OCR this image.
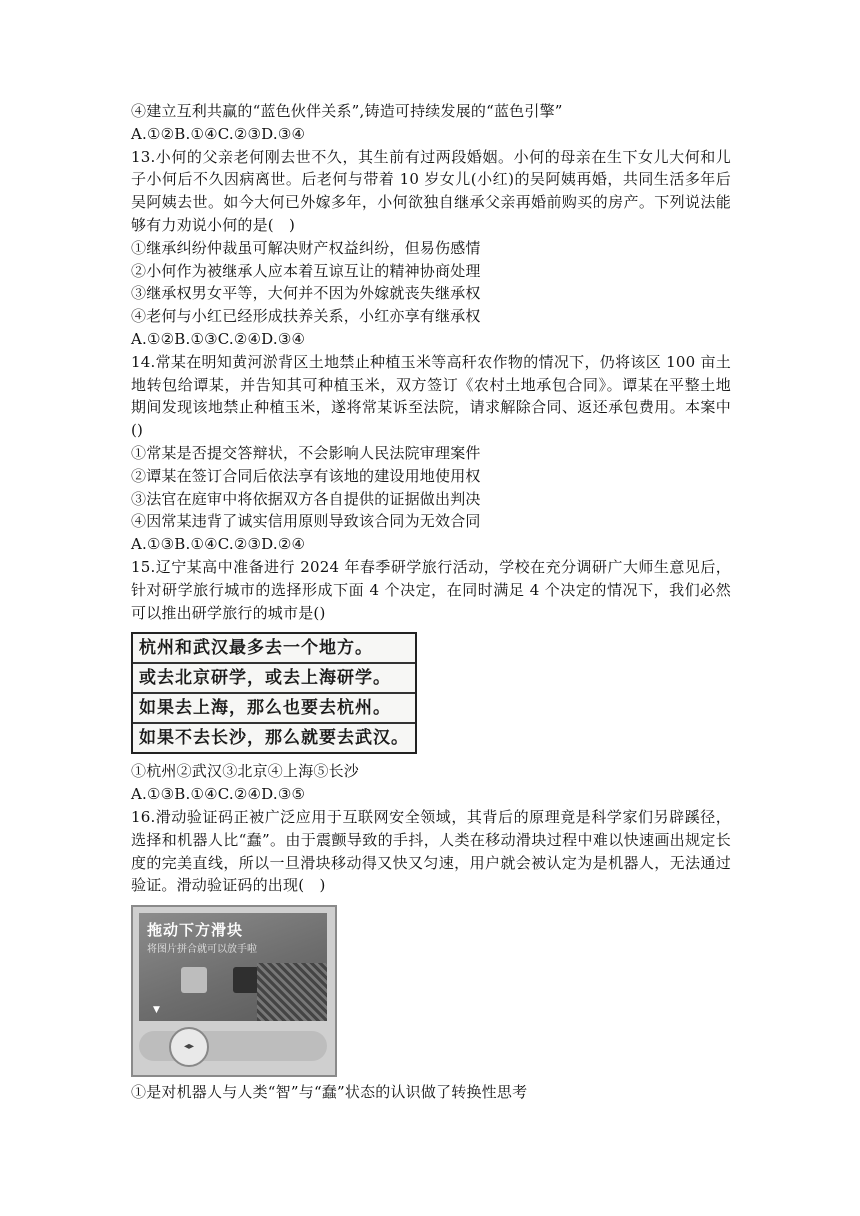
④建立互利共赢的“蓝色伙伴关系”,铸造可持续发展的“蓝色引擎”
A.①②B.①④C.②③D.③④
13.小何的父亲老何刚去世不久，其生前有过两段婚姻。小何的母亲在生下女儿大何和儿子小何后不久因病离世。后老何与带着 10 岁女儿(小红)的吴阿姨再婚，共同生活多年后吴阿姨去世。如今大何已外嫁多年，小何欲独自继承父亲再婚前购买的房产。下列说法能够有力劝说小何的是(　)
①继承纠纷仲裁虽可解决财产权益纠纷，但易伤感情
②小何作为被继承人应本着互谅互让的精神协商处理
③继承权男女平等，大何并不因为外嫁就丧失继承权
④老何与小红已经形成扶养关系，小红亦享有继承权
A.①②B.①③C.②④D.③④
14.常某在明知黄河淤背区土地禁止种植玉米等高秆农作物的情况下，仍将该区 100 亩土地转包给谭某，并告知其可种植玉米，双方签订《农村土地承包合同》。谭某在平整土地期间发现该地禁止种植玉米，遂将常某诉至法院，请求解除合同、返还承包费用。本案中()
①常某是否提交答辩状，不会影响人民法院审理案件
②谭某在签订合同后依法享有该地的建设用地使用权
③法官在庭审中将依据双方各自提供的证据做出判决
④因常某违背了诚实信用原则导致该合同为无效合同
A.①③B.①④C.②③D.②④
15.辽宁某高中准备进行 2024 年春季研学旅行活动，学校在充分调研广大师生意见后，针对研学旅行城市的选择形成下面 4 个决定，在同时满足 4 个决定的情况下，我们必然可以推出研学旅行的城市是()
杭州和武汉最多去一个地方。
或去北京研学，或去上海研学。
如果去上海，那么也要去杭州。
如果不去长沙，那么就要去武汉。
①杭州②武汉③北京④上海⑤长沙
A.①③B.①④C.②④D.③⑤
16.滑动验证码正被广泛应用于互联网安全领域，其背后的原理竟是科学家们另辟蹊径，选择和机器人比“蠢”。由于震颤导致的手抖，人类在移动滑块过程中难以快速画出规定长度的完美直线，所以一旦滑块移动得又快又匀速，用户就会被认定为是机器人，无法通过验证。滑动验证码的出现(　)
拖动下方滑块
将图片拼合就可以放手啦
▼
◂▸
①是对机器人与人类“智”与“蠢”状态的认识做了转换性思考
